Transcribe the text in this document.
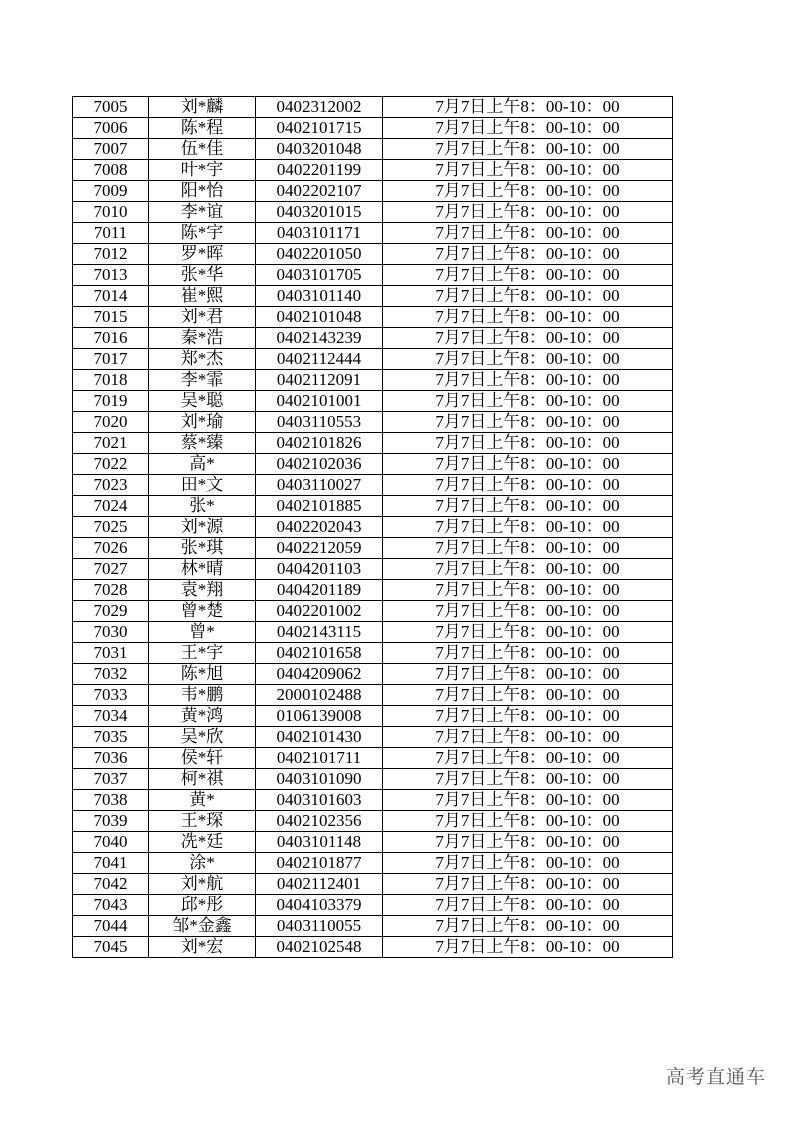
7005	刘*麟	0402312002	7月7日上午8：00-10：00
7006	陈*程	0402101715	7月7日上午8：00-10：00
7007	伍*佳	0403201048	7月7日上午8：00-10：00
7008	叶*宇	0402201199	7月7日上午8：00-10：00
7009	阳*怡	0402202107	7月7日上午8：00-10：00
7010	李*谊	0403201015	7月7日上午8：00-10：00
7011	陈*宇	0403101171	7月7日上午8：00-10：00
7012	罗*晖	0402201050	7月7日上午8：00-10：00
7013	张*华	0403101705	7月7日上午8：00-10：00
7014	崔*熙	0403101140	7月7日上午8：00-10：00
7015	刘*君	0402101048	7月7日上午8：00-10：00
7016	秦*浩	0402143239	7月7日上午8：00-10：00
7017	郑*杰	0402112444	7月7日上午8：00-10：00
7018	李*霏	0402112091	7月7日上午8：00-10：00
7019	吴*聪	0402101001	7月7日上午8：00-10：00
7020	刘*瑜	0403110553	7月7日上午8：00-10：00
7021	蔡*臻	0402101826	7月7日上午8：00-10：00
7022	高*	0402102036	7月7日上午8：00-10：00
7023	田*文	0403110027	7月7日上午8：00-10：00
7024	张*	0402101885	7月7日上午8：00-10：00
7025	刘*源	0402202043	7月7日上午8：00-10：00
7026	张*琪	0402212059	7月7日上午8：00-10：00
7027	林*晴	0404201103	7月7日上午8：00-10：00
7028	袁*翔	0404201189	7月7日上午8：00-10：00
7029	曾*楚	0402201002	7月7日上午8：00-10：00
7030	曾*	0402143115	7月7日上午8：00-10：00
7031	王*宇	0402101658	7月7日上午8：00-10：00
7032	陈*旭	0404209062	7月7日上午8：00-10：00
7033	韦*鹏	2000102488	7月7日上午8：00-10：00
7034	黄*鸿	0106139008	7月7日上午8：00-10：00
7035	吴*欣	0402101430	7月7日上午8：00-10：00
7036	侯*轩	0402101711	7月7日上午8：00-10：00
7037	柯*祺	0403101090	7月7日上午8：00-10：00
7038	黄*	0403101603	7月7日上午8：00-10：00
7039	王*琛	0402102356	7月7日上午8：00-10：00
7040	冼*廷	0403101148	7月7日上午8：00-10：00
7041	涂*	0402101877	7月7日上午8：00-10：00
7042	刘*航	0402112401	7月7日上午8：00-10：00
7043	邱*彤	0404103379	7月7日上午8：00-10：00
7044	邹*金鑫	0403110055	7月7日上午8：00-10：00
7045	刘*宏	0402102548	7月7日上午8：00-10：00
高考直通车
